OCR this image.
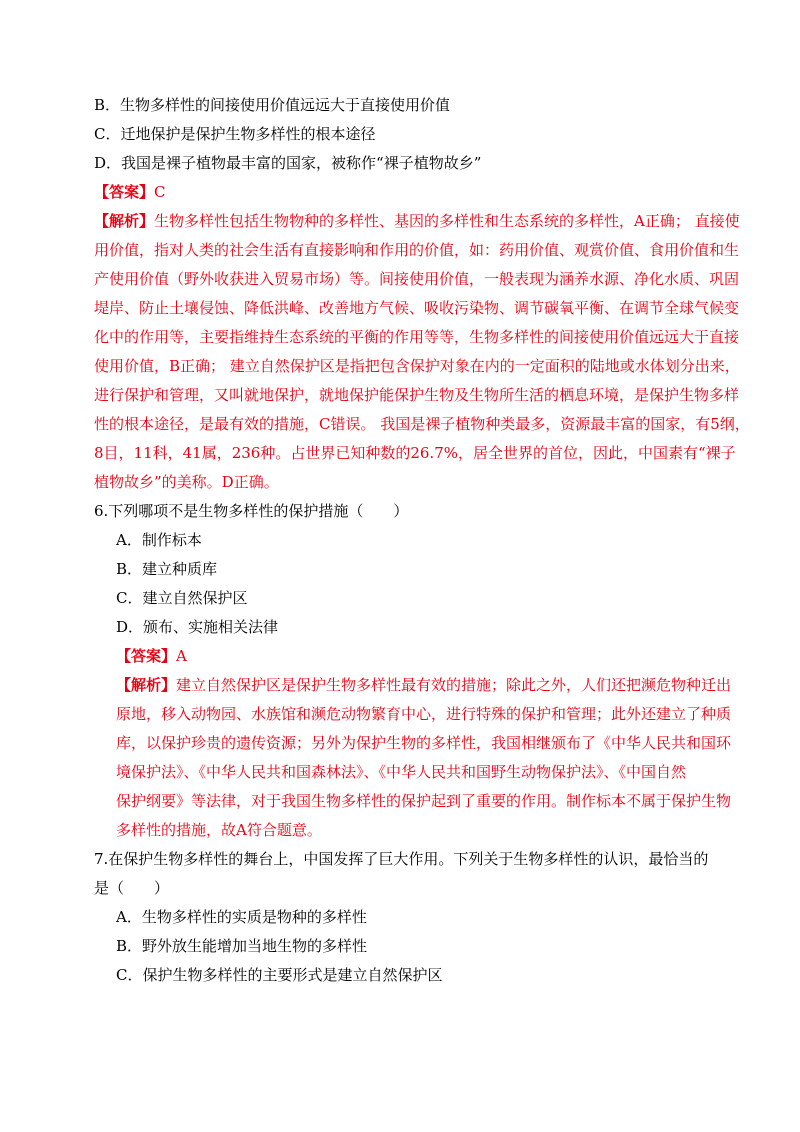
B．生物多样性的间接使用价值远远大于直接使用价值
C．迁地保护是保护生物多样性的根本途径
D．我国是裸子植物最丰富的国家，被称作“裸子植物故乡”
【答案】C
【解析】生物多样性包括生物物种的多样性、基因的多样性和生态系统的多样性，A正确； 直接使
用价值，指对人类的社会生活有直接影响和作用的价值，如：药用价值、观赏价值、食用价值和生
产使用价值（野外收获进入贸易市场）等。间接使用价值，一般表现为涵养水源、净化水质、巩固
堤岸、防止土壤侵蚀、降低洪峰、改善地方气候、吸收污染物、调节碳氧平衡、在调节全球气候变
化中的作用等，主要指维持生态系统的平衡的作用等等，生物多样性的间接使用价值远远大于直接
使用价值，B正确； 建立自然保护区是指把包含保护对象在内的一定面积的陆地或水体划分出来，
进行保护和管理，又叫就地保护，就地保护能保护生物及生物所生活的栖息环境，是保护生物多样
性的根本途径，是最有效的措施，C错误。 我国是裸子植物种类最多，资源最丰富的国家，有5纲，
8目，11科，41属，236种。占世界已知种数的26.7%，居全世界的首位，因此，中国素有“裸子
植物故乡”的美称。D正确。
6.下列哪项不是生物多样性的保护措施（　　）
A．制作标本
B．建立种质库
C．建立自然保护区
D．颁布、实施相关法律
【答案】A
【解析】建立自然保护区是保护生物多样性最有效的措施；除此之外，人们还把濒危物种迁出
原地，移入动物园、水族馆和濒危动物繁育中心，进行特殊的保护和管理；此外还建立了种质
库，以保护珍贵的遗传资源；另外为保护生物的多样性，我国相继颁布了《中华人民共和国环
境保护法》、《中华人民共和国森林法》、《中华人民共和国野生动物保护法》、《中国自然
保护纲要》等法律，对于我国生物多样性的保护起到了重要的作用。制作标本不属于保护生物
多样性的措施，故A符合题意。
7.在保护生物多样性的舞台上，中国发挥了巨大作用。下列关于生物多样性的认识，最恰当的
是（　　）
A．生物多样性的实质是物种的多样性
B．野外放生能增加当地生物的多样性
C．保护生物多样性的主要形式是建立自然保护区
